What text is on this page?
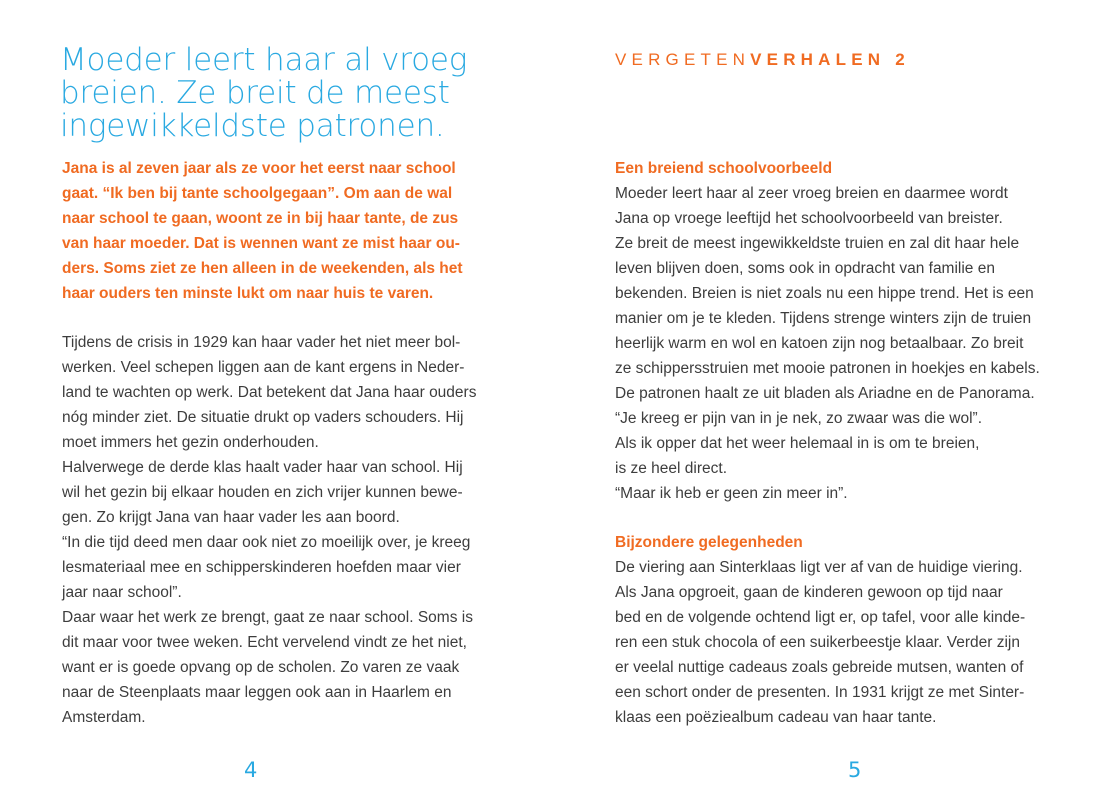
Moeder leert haar al vroeg breien. Ze breit de meest ingewikkeldste patronen.
Jana is al zeven jaar als ze voor het eerst naar school
gaat. “Ik ben bij tante schoolgegaan”. Om aan de wal
naar school te gaan, woont ze in bij haar tante, de zus
van haar moeder. Dat is wennen want ze mist haar ou-
ders. Soms ziet ze hen alleen in de weekenden, als het
haar ouders ten minste lukt om naar huis te varen.

Tijdens de crisis in 1929 kan haar vader het niet meer bol-

werken. Veel schepen liggen aan de kant ergens in Neder-

land te wachten op werk. Dat betekent dat Jana haar ouders

nóg minder ziet. De situatie drukt op vaders schouders. Hij

moet immers het gezin onderhouden.

Halverwege de derde klas haalt vader haar van school. Hij

wil het gezin bij elkaar houden en zich vrijer kunnen bewe-

gen. Zo krijgt Jana van haar vader les aan boord.

“In die tijd deed men daar ook niet zo moeilijk over, je kreeg

lesmateriaal mee en schipperskinderen hoefden maar vier

jaar naar school”.

Daar waar het werk ze brengt, gaat ze naar school. Soms is

dit maar voor twee weken. Echt vervelend vindt ze het niet,

want er is goede opvang op de scholen. Zo varen ze vaak

naar de Steenplaats maar leggen ook aan in Haarlem en

Amsterdam.

4
VERGETENVERHALEN 2
Een breiend schoolvoorbeeld

Moeder leert haar al zeer vroeg breien en daarmee wordt

Jana op vroege leeftijd het schoolvoorbeeld van breister.

Ze breit de meest ingewikkeldste truien en zal dit haar hele

leven blijven doen, soms ook in opdracht van familie en

bekenden. Breien is niet zoals nu een hippe trend. Het is een

manier om je te kleden. Tijdens strenge winters zijn de truien

heerlijk warm en wol en katoen zijn nog betaalbaar. Zo breit

ze schippersstruien met mooie patronen in hoekjes en kabels.

De patronen haalt ze uit bladen als Ariadne en de Panorama.

“Je kreeg er pijn van in je nek, zo zwaar was die wol”.

Als ik opper dat het weer helemaal in is om te breien,

is ze heel direct.

“Maar ik heb er geen zin meer in”.

Bijzondere gelegenheden

De viering aan Sinterklaas ligt ver af van de huidige viering.

Als Jana opgroeit, gaan de kinderen gewoon op tijd naar

bed en de volgende ochtend ligt er, op tafel, voor alle kinde-

ren een stuk chocola of een suikerbeestje klaar. Verder zijn

er veelal nuttige cadeaus zoals gebreide mutsen, wanten of

een schort onder de presenten. In 1931 krijgt ze met Sinter-

klaas een poëziealbum cadeau van haar tante.

5
